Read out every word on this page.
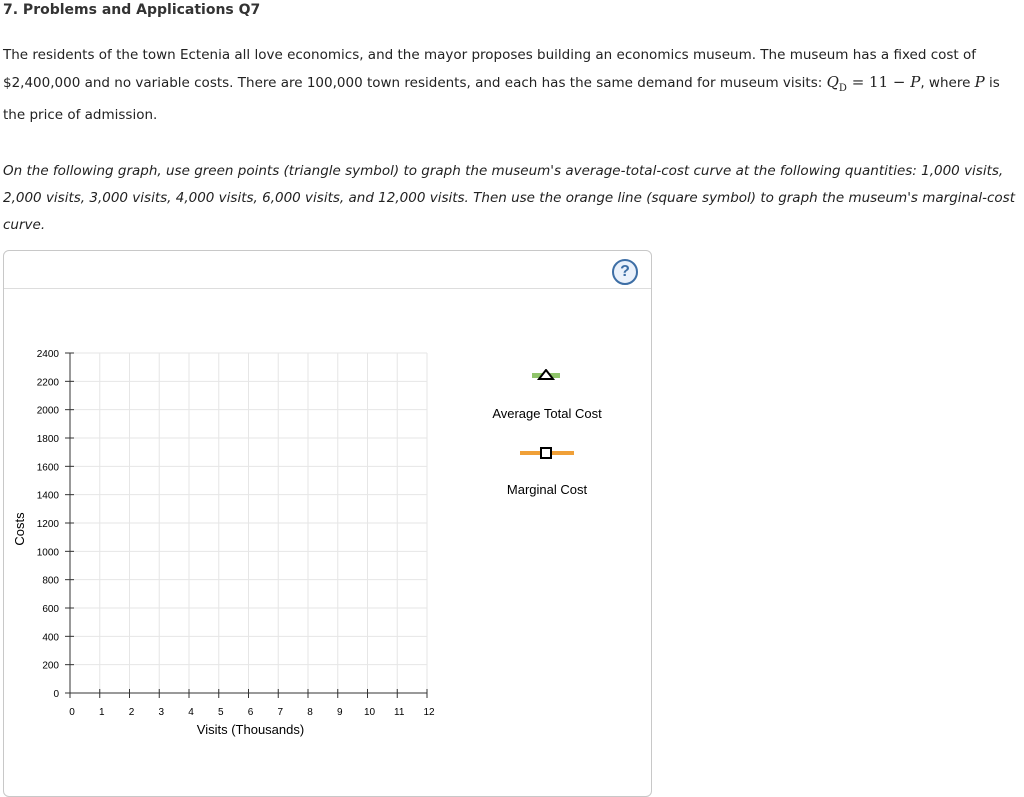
7. Problems and Applications Q7
The residents of the town Ectenia all love economics, and the mayor proposes building an economics museum. The museum has a fixed cost of $2,400,000 and no variable costs. There are 100,000 town residents, and each has the same demand for museum visits: $Q_D = 11 - P$, where P is the price of admission.
On the following graph, use green points (triangle symbol) to graph the museum's average-total-cost curve at the following quantities: 1,000 visits, 2,000 visits, 3,000 visits, 4,000 visits, 6,000 visits, and 12,000 visits. Then use the orange line (square symbol) to graph the museum's marginal-cost curve.
?
0
200
400
600
800
1000
1200
1400
1600
1800
2000
2200
2400
0 1 2 3 4 5 6 7 8 9 10 11 12
Visits (Thousands)
Costs
Average Total Cost
Marginal Cost
